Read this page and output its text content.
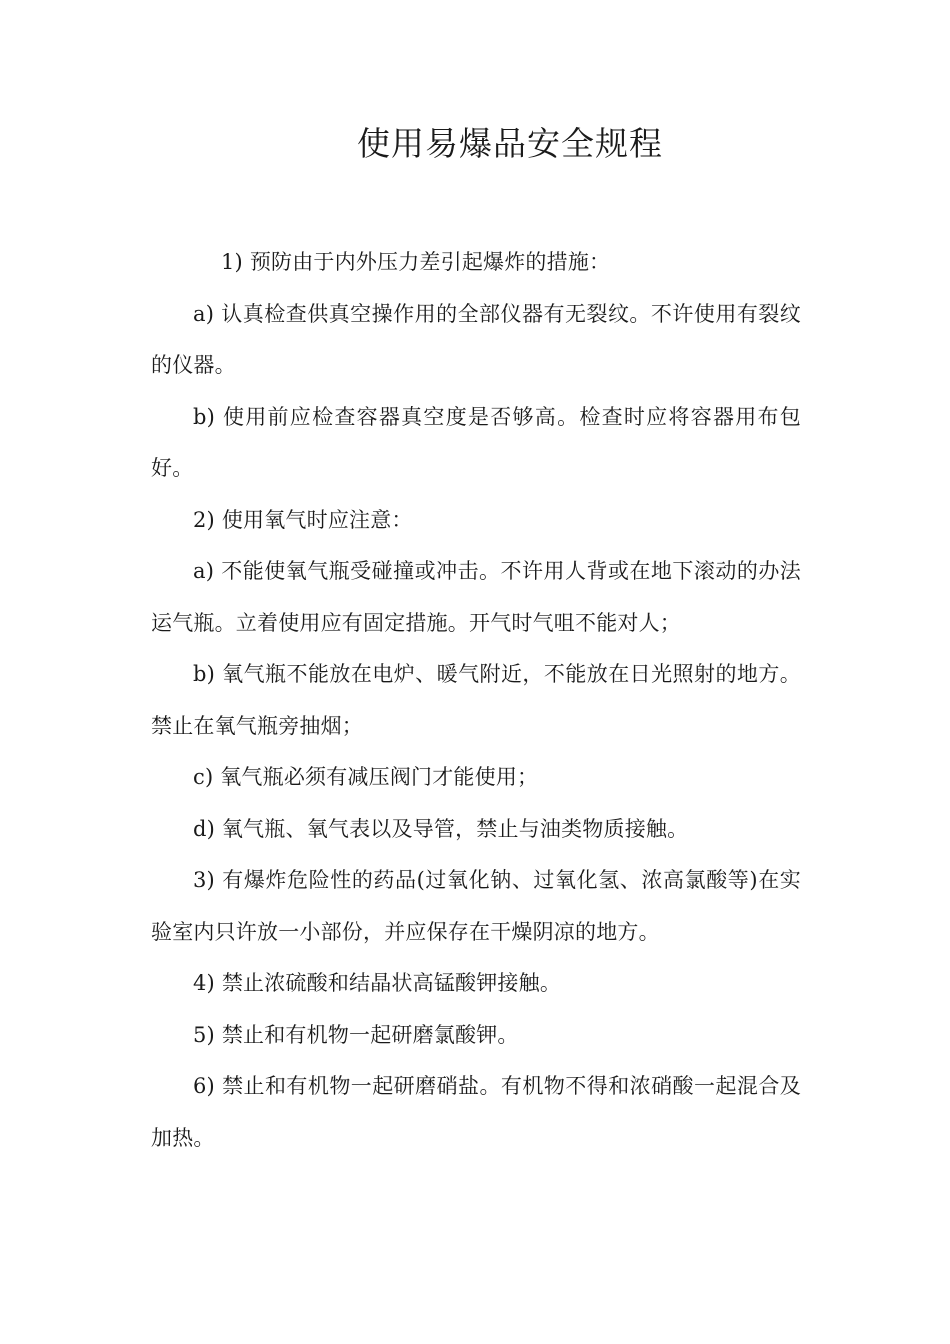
使用易爆品安全规程

1) 预防由于内外压力差引起爆炸的措施：

a) 认真检查供真空操作用的全部仪器有无裂纹。不许使用有裂纹的仪器。

b) 使用前应检查容器真空度是否够高。检查时应将容器用布包好。

2) 使用氧气时应注意：

a) 不能使氧气瓶受碰撞或冲击。不许用人背或在地下滚动的办法运气瓶。立着使用应有固定措施。开气时气咀不能对人；

b) 氧气瓶不能放在电炉、暖气附近，不能放在日光照射的地方。禁止在氧气瓶旁抽烟；

c) 氧气瓶必须有减压阀门才能使用；

d) 氧气瓶、氧气表以及导管，禁止与油类物质接触。

3) 有爆炸危险性的药品(过氧化钠、过氧化氢、浓高氯酸等)在实验室内只许放一小部份，并应保存在干燥阴凉的地方。

4) 禁止浓硫酸和结晶状高锰酸钾接触。

5) 禁止和有机物一起研磨氯酸钾。

6) 禁止和有机物一起研磨硝盐。有机物不得和浓硝酸一起混合及加热。
